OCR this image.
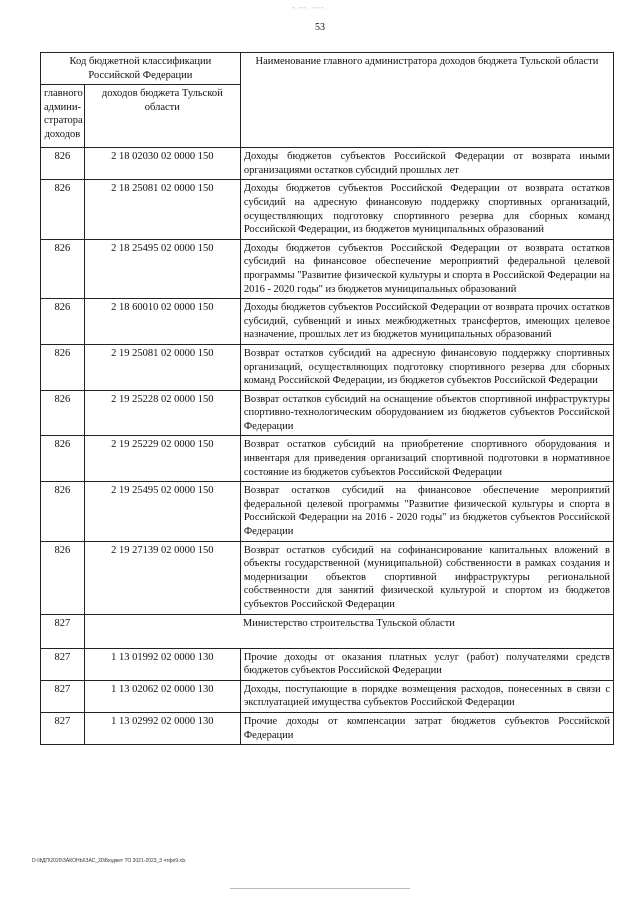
~ ~~. ~~~
53
Код бюджетной классификации Российской Федерации		Наименование главного администратора доходов бюджета Тульской области
главного админи-стратора доходов	доходов бюджета Тульской области	
826	2 18 02030 02 0000 150	Доходы бюджетов субъектов Российской Федерации от возврата иными организациями остатков субсидий прошлых лет
826	2 18 25081 02 0000 150	Доходы бюджетов субъектов Российской Федерации от возврата остатков субсидий на адресную финансовую поддержку спортивных организаций, осуществляющих подготовку спортивного резерва для сборных команд Российской Федерации, из бюджетов муниципальных образований
826	2 18 25495 02 0000 150	Доходы бюджетов субъектов Российской Федерации от возврата остатков субсидий на финансовое обеспечение мероприятий федеральной целевой программы "Развитие физической культуры и спорта в Российской Федерации на 2016 - 2020 годы" из бюджетов муниципальных образований
826	2 18 60010 02 0000 150	Доходы бюджетов субъектов Российской Федерации от возврата прочих остатков субсидий, субвенций и иных межбюджетных трансфертов, имеющих целевое назначение, прошлых лет из бюджетов муниципальных образований
826	2 19 25081 02 0000 150	Возврат остатков субсидий на адресную финансовую поддержку спортивных организаций, осуществляющих подготовку спортивного резерва для сборных команд Российской Федерации, из бюджетов субъектов Российской Федерации
826	2 19 25228 02 0000 150	Возврат остатков субсидий на оснащение объектов спортивной инфраструктуры спортивно-технологическим оборудованием из бюджетов субъектов Российской Федерации
826	2 19 25229 02 0000 150	Возврат остатков субсидий на приобретение спортивного оборудования и инвентаря для приведения организаций спортивной подготовки в нормативное состояние из бюджетов субъектов Российской Федерации
826	2 19 25495 02 0000 150	Возврат остатков субсидий на финансовое обеспечение мероприятий федеральной целевой программы "Развитие физической культуры и спорта в Российской Федерации на 2016 - 2020 годы" из бюджетов субъектов Российской Федерации
826	2 19 27139 02 0000 150	Возврат остатков субсидий на софинансирование капитальных вложений в объекты государственной (муниципальной) собственности в рамках создания и модернизации объектов спортивной инфраструктуры региональной собственности для занятий физической культурой и спортом из бюджетов субъектов Российской Федерации
827	Министерство строительства Тульской области	
827	1 13 01992 02 0000 130	Прочие доходы от оказания платных услуг (работ) получателями средств бюджетов субъектов Российской Федерации
827	1 13 02062 02 0000 130	Доходы, поступающие в порядке возмещения расходов, понесенных в связи с эксплуатацией имущества субъектов Российской Федерации
827	1 13 02992 02 0000 130	Прочие доходы от компенсации затрат бюджетов субъектов Российской Федерации
D:\ФДП\2020\ЗАКОНЫ\ЗАС_20\Бюджет ТО 2021-2023_3 чтфе9.xls
